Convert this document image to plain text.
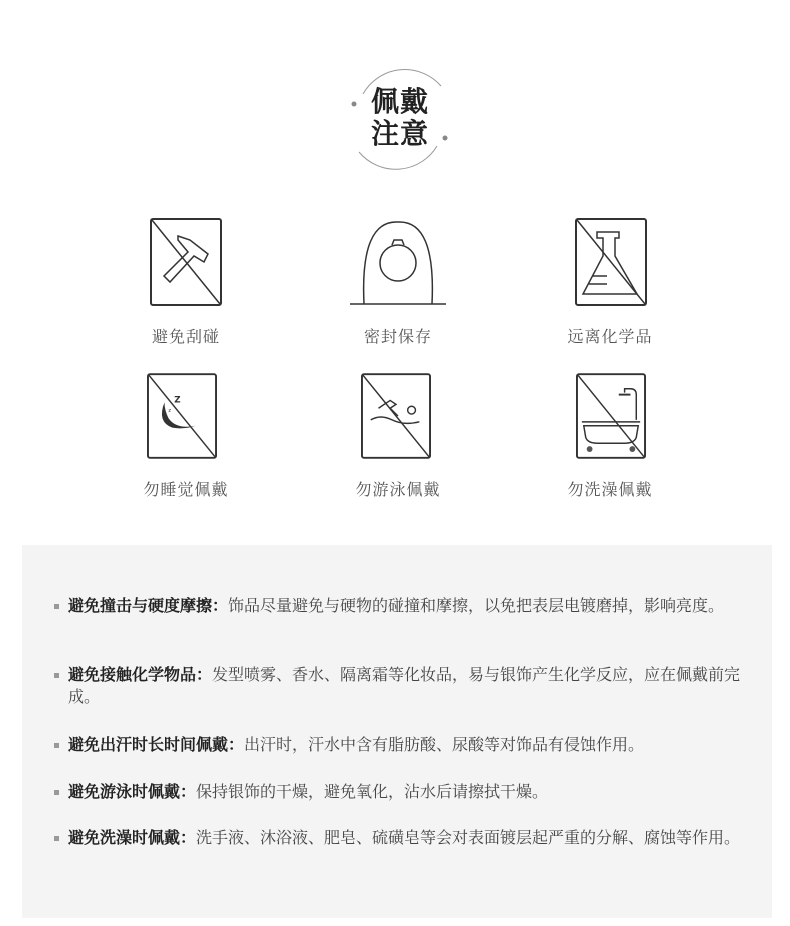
佩戴
注意
避免刮碰	密封保存	远离化学品
Z
z
勿睡觉佩戴	勿游泳佩戴	勿洗澡佩戴
避免撞击与硬度摩擦：饰品尽量避免与硬物的碰撞和摩擦，以免把表层电镀磨掉，影响亮度。
避免接触化学物品：发型喷雾、香水、隔离霜等化妆品，易与银饰产生化学反应，应在佩戴前完成。
避免出汗时长时间佩戴：出汗时，汗水中含有脂肪酸、尿酸等对饰品有侵蚀作用。
避免游泳时佩戴：保持银饰的干燥，避免氧化，沾水后请擦拭干燥。
避免洗澡时佩戴：洗手液、沐浴液、肥皂、硫磺皂等会对表面镀层起严重的分解、腐蚀等作用。
